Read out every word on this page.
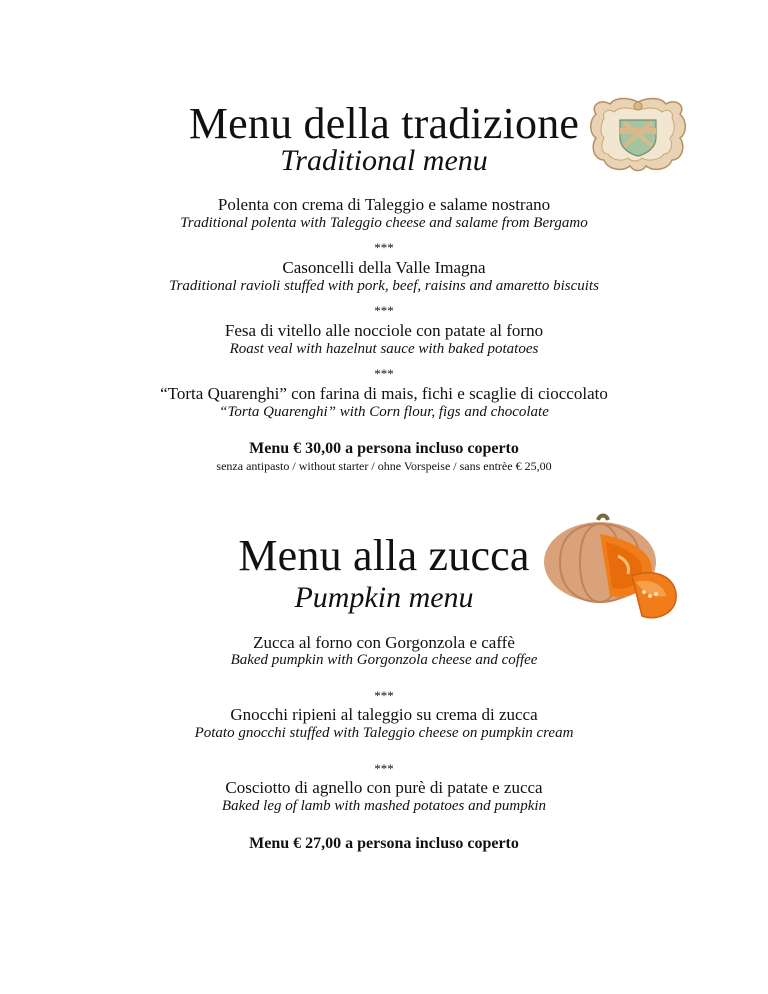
Menu della tradizione
Traditional menu
Polenta con crema di Taleggio e salame nostrano
Traditional polenta with Taleggio cheese and salame from Bergamo
***
Casoncelli della Valle Imagna
Traditional ravioli stuffed with pork, beef, raisins and amaretto biscuits
***
Fesa di vitello alle nocciole con patate al forno
Roast veal with hazelnut sauce with baked potatoes
***
“Torta Quarenghi” con farina di mais, fichi e scaglie di cioccolato
“Torta Quarenghi” with Corn flour, figs and chocolate
Menu € 30,00 a persona incluso coperto
senza antipasto / without starter / ohne Vorspeise / sans entrèe € 25,00
Menu alla zucca
Pumpkin menu
Zucca al forno con Gorgonzola e caffè
Baked pumpkin with Gorgonzola cheese and coffee
***
Gnocchi ripieni al taleggio su crema di zucca
Potato gnocchi stuffed with Taleggio cheese on pumpkin cream
***
Cosciotto di agnello con purè di patate e zucca
Baked leg of lamb with mashed potatoes and pumpkin
Menu € 27,00 a persona incluso coperto
